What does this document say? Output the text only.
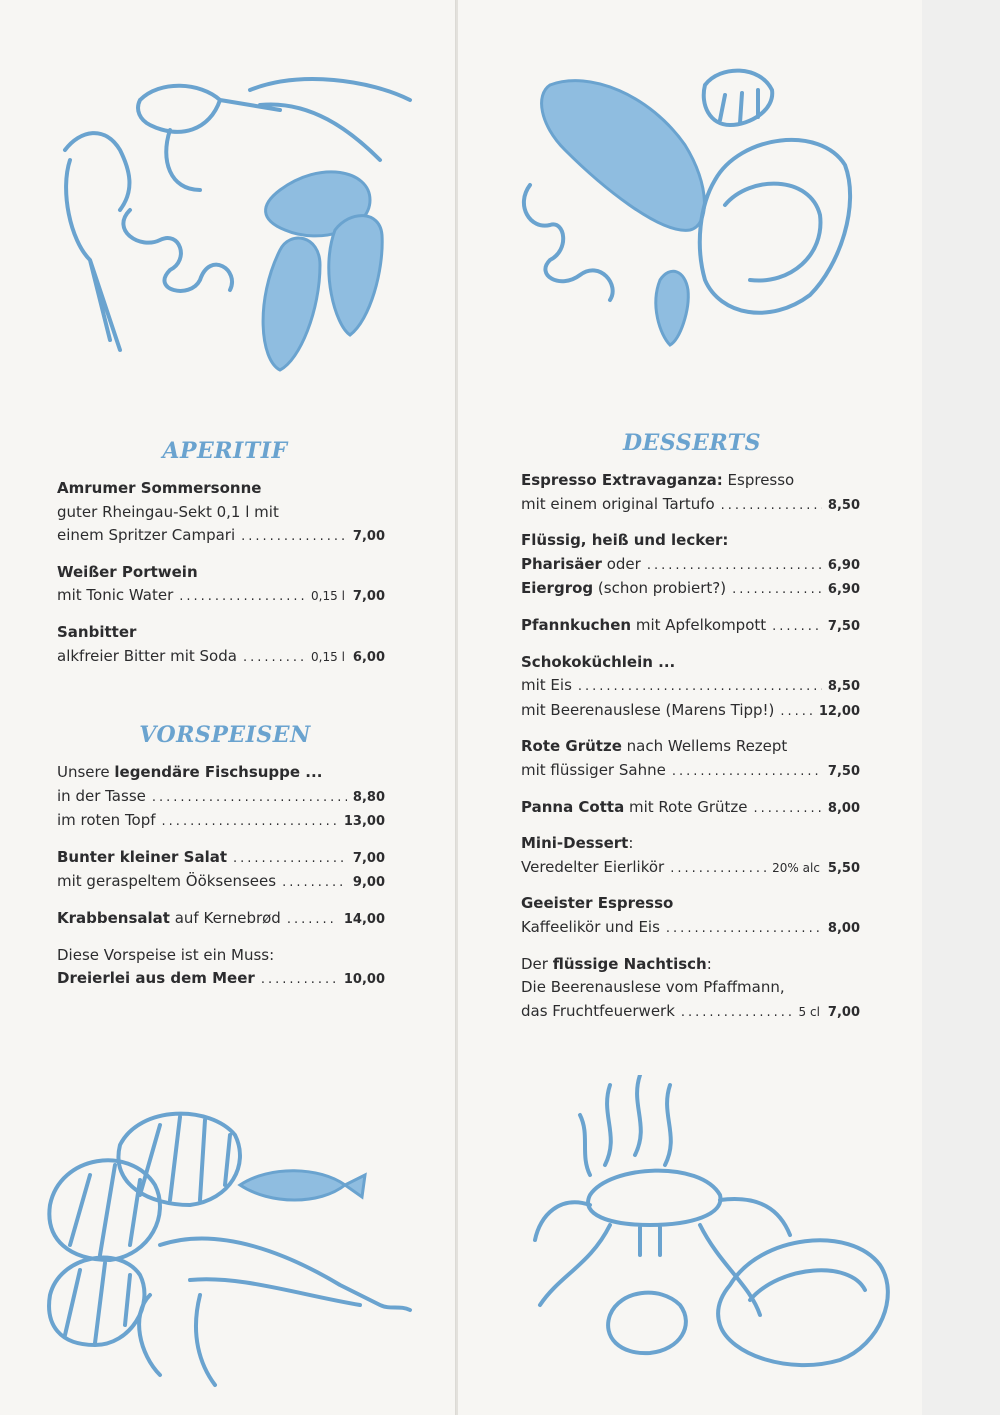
APERITIF
VORSPEISEN
DESSERTS
Amrumer Sommersonne
guter Rheingau-Sekt 0,1 l mit
einem Spritzer Campari .....	7,00
Weißer Portwein
mit Tonic Water .....	0,15 l 7,00
Sanbitter
alkfreier Bitter mit Soda .....	0,15 l 6,00
Unsere legendäre Fischsuppe ...
in der Tasse .....	8,80
im roten Topf .....	13,00
Bunter kleiner Salat .....	7,00
mit geraspeltem Ööksensees .....	9,00
Krabbensalat auf Kernebrød .....	14,00
Diese Vorspeise ist ein Muss:
Dreierlei aus dem Meer .....	10,00
Espresso Extravaganza: Espresso
mit einem original Tartufo .....	8,50
Flüssig, heiß und lecker:
Pharisäer oder .....	6,90
Eiergrog (schon probiert?) .....	6,90
Pfannkuchen mit Apfelkompott .....	7,50
Schokoküchlein ...
mit Eis .....	8,50
mit Beerenauslese (Marens Tipp!) .....	12,00
Rote Grütze nach Wellems Rezept
mit flüssiger Sahne .....	7,50
Panna Cotta mit Rote Grütze .....	8,00
Mini-Dessert:
Veredelter Eierlikör .....	20% alc 5,50
Geeister Espresso
Kaffeelikör und Eis .....	8,00
Der flüssige Nachtisch:
Die Beerenauslese vom Pfaffmann,
das Fruchtfeuerwerk .....	5 cl 7,00
